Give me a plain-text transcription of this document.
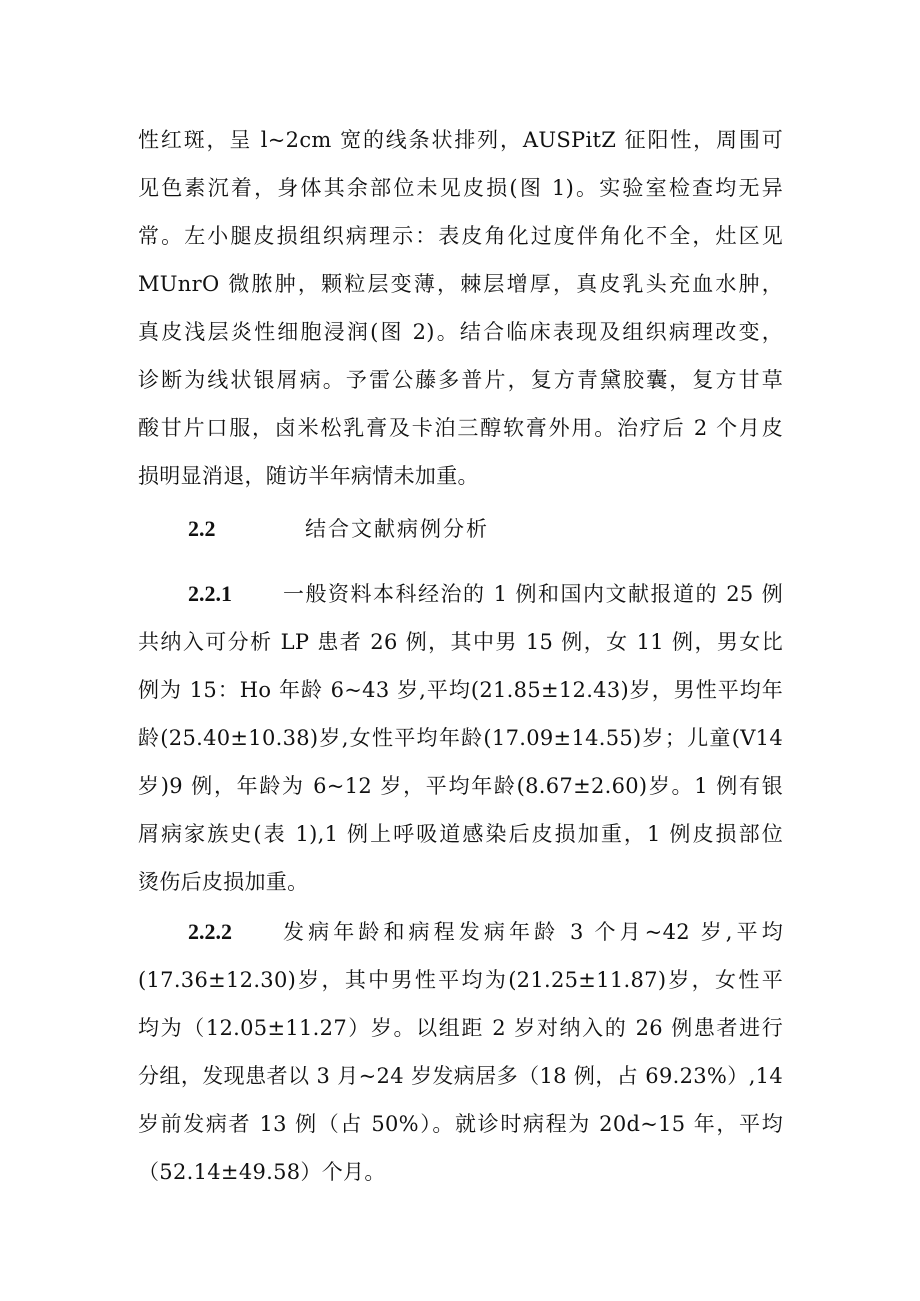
性红斑，呈 l~2cm 宽的线条状排列，AUSPitZ 征阳性，周围可
见色素沉着，身体其余部位未见皮损(图 1)。实验室检查均无异
常。左小腿皮损组织病理示：表皮角化过度伴角化不全，灶区见
MUnrO 微脓肿，颗粒层变薄，棘层增厚，真皮乳头充血水肿，
真皮浅层炎性细胞浸润(图 2)。结合临床表现及组织病理改变，
诊断为线状银屑病。予雷公藤多普片，复方青黛胶囊，复方甘草
酸甘片口服，卤米松乳膏及卡泊三醇软膏外用。治疗后 2 个月皮
损明显消退，随访半年病情未加重。
2.2	结合文献病例分析
2.2.1 一般资料本科经治的 1 例和国内文献报道的 25 例
共纳入可分析 LP 患者 26 例，其中男 15 例，女 11 例，男女比
例为 15：Ho 年龄 6~43 岁,平均(21.85±12.43)岁，男性平均年
龄(25.40±10.38)岁,女性平均年龄(17.09±14.55)岁；儿童(V14
岁)9 例，年龄为 6~12 岁，平均年龄(8.67±2.60)岁。1 例有银
屑病家族史(表 1),1 例上呼吸道感染后皮损加重，1 例皮损部位
烫伤后皮损加重。
2.2.2 发病年龄和病程发病年龄 3 个月~42 岁,平均
(17.36±12.30)岁，其中男性平均为(21.25±11.87)岁，女性平
均为（12.05±11.27）岁。以组距 2 岁对纳入的 26 例患者进行
分组，发现患者以 3 月~24 岁发病居多（18 例，占 69.23%）,14
岁前发病者 13 例（占 50%）。就诊时病程为 20d~15 年，平均
（52.14±49.58）个月。
